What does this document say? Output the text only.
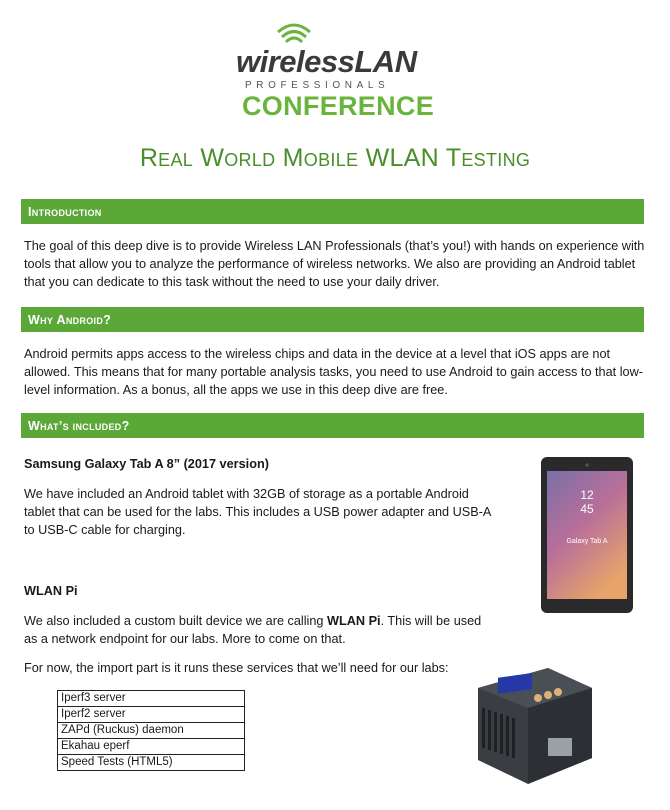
wirelessLAN
PROFESSIONALS
CONFERENCE
Real World Mobile WLAN Testing
Introduction
The goal of this deep dive is to provide Wireless LAN Professionals (that’s you!) with hands on experience with tools that allow you to analyze the performance of wireless networks. We also are providing an Android tablet that you can dedicate to this task without the need to use your daily driver.
Why Android?
Android permits apps access to the wireless chips and data in the device at a level that iOS apps are not allowed. This means that for many portable analysis tasks, you need to use Android to gain access to that low-level information. As a bonus, all the apps we use in this deep dive are free.
What’s included?
Samsung Galaxy Tab A 8” (2017 version)
We have included an Android tablet with 32GB of storage as a portable Android tablet that can be used for the labs. This includes a USB power adapter and USB-A to USB-C cable for charging.
WLAN Pi
We also included a custom built device we are calling WLAN Pi. This will be used as a network endpoint for our labs. More to come on that.
For now, the import part is it runs these services that we’ll need for our labs:
Iperf3 server
Iperf2 server
ZAPd (Ruckus) daemon
Ekahau eperf
Speed Tests (HTML5)
12
45
Galaxy Tab A
